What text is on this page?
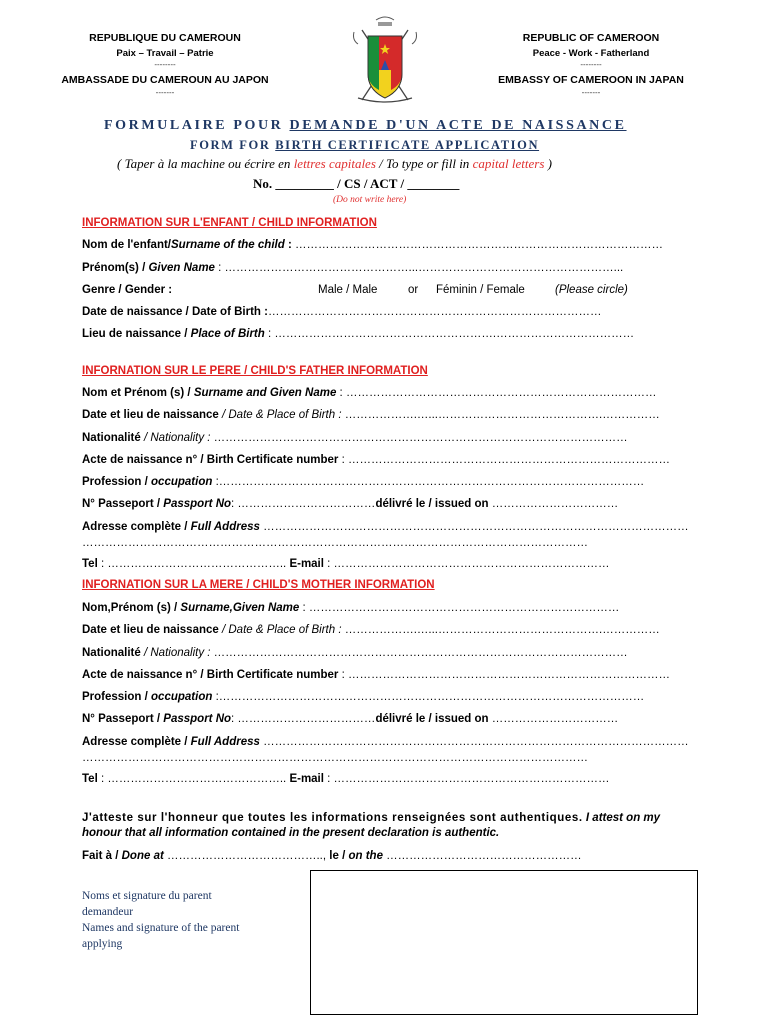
REPUBLIQUE DU CAMEROUN
Paix – Travail – Patrie
--------
AMBASSADE DU CAMEROUN AU JAPON
-------
REPUBLIC OF CAMEROON
Peace - Work - Fatherland
--------
EMBASSY OF CAMEROON IN JAPAN
-------
FORMULAIRE POUR DEMANDE D'UN ACTE DE NAISSANCE
FORM FOR BIRTH CERTIFICATE APPLICATION
( Taper à la machine ou écrire en lettres capitales / To type or fill in capital letters )
No. _________ / CS / ACT / ________
(Do not write here)
INFORMATION SUR L'ENFANT / CHILD INFORMATION
Nom de l'enfant/Surname of the child : ……………………………………………………………………………………
Prénom(s) / Given Name : …………………………………………...……………………………………………...
Genre / Gender :	Male / Male	or Féminin / Female	(Please circle)
Date de naissance / Date of Birth :……………………………………………………………………………
Lieu de naissance / Place of Birth : ………………………………………………….………………………………
INFORNATION SUR LE PERE / CHILD'S FATHER INFORMATION
Nom et Prénom (s) / Surname and Given Name : ………………………………………………………………………
Date et lieu de naissance / Date & Place of Birth : ……………….…...…………………………………….……………
Nationalité / Nationality : ………………………………………………………………………………………………
Acte de naissance n° / Birth Certificate number : …………………………………………………………………………
Profession / occupation :…………………………………………………………………………………………………
N° Passeport / Passport No: ………………………………délivré le / issued on ……………………………
Adresse complète / Full Address …………………………………………………………………………………………………
……………………………………………………………………………………………………………………
Tel : ……………………………………….. E-mail : ………………………………………………………………
INFORNATION SUR LA MERE / CHILD'S MOTHER INFORMATION
Nom,Prénom (s) / Surname,Given Name : ………………………………………………………………………
Date et lieu de naissance / Date & Place of Birth : ……………….…...…………………………………….……………
Nationalité / Nationality : ………………………………………………………………………………………………
Acte de naissance n° / Birth Certificate number : …………………………………………………………………………
Profession / occupation :…………………………………………………………………………………………………
N° Passeport / Passport No: ………………………………délivré le / issued on ……………………………
Adresse complète / Full Address …………………………………………………………………………………………………
……………………………………………………………………………………………………………………
Tel : ……………………………………….. E-mail : ………………………………………………………………
J'atteste sur l'honneur que toutes les informations renseignées sont authentiques. I attest on my honour that all information contained in the present declaration is authentic.
Fait à / Done at ………………………………….., le / on the ……………………………………………
Noms et signature du parent
demandeur
Names and signature of the parent
applying
